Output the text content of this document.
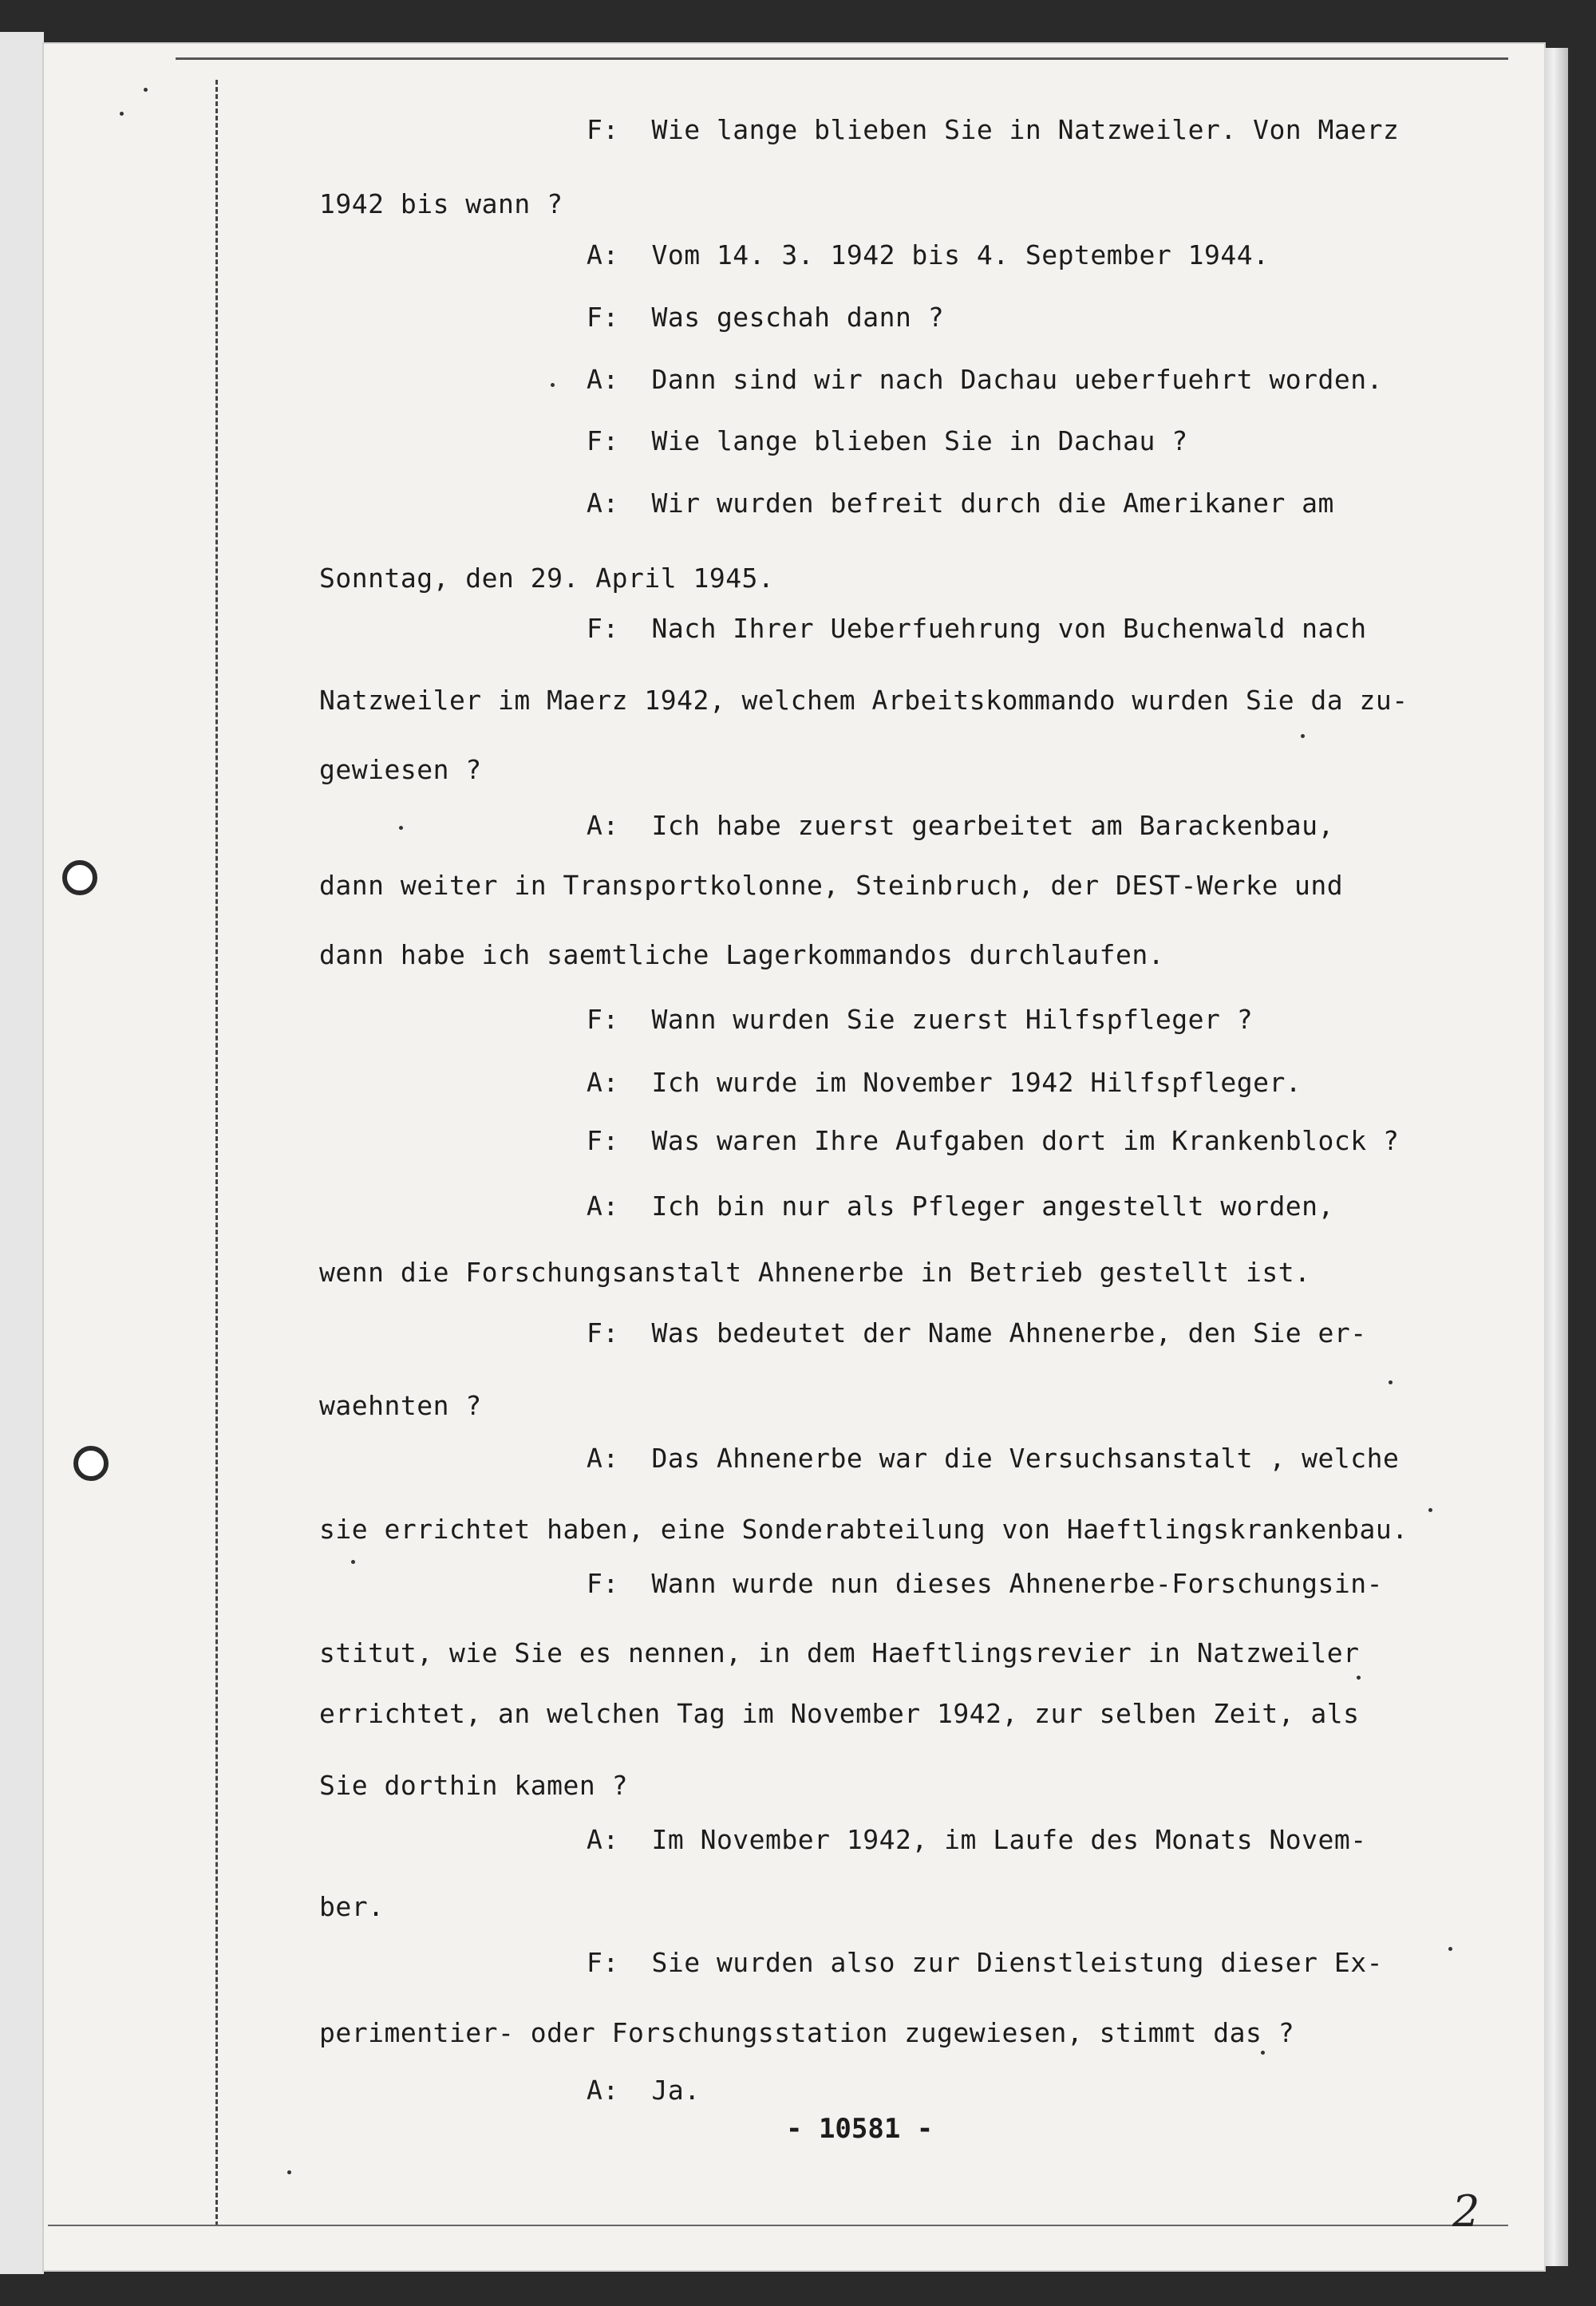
F:  Wie lange blieben Sie in Natzweiler. Von Maerz
1942 bis wann ?
A:  Vom 14. 3. 1942 bis 4. September 1944.
F:  Was geschah dann ?
A:  Dann sind wir nach Dachau ueberfuehrt worden.
F:  Wie lange blieben Sie in Dachau ?
A:  Wir wurden befreit durch die Amerikaner am
Sonntag, den 29. April 1945.
F:  Nach Ihrer Ueberfuehrung von Buchenwald nach
Natzweiler im Maerz 1942, welchem Arbeitskommando wurden Sie da zu-
gewiesen ?
A:  Ich habe zuerst gearbeitet am Barackenbau,
dann weiter in Transportkolonne, Steinbruch, der DEST-Werke und
dann habe ich saemtliche Lagerkommandos durchlaufen.
F:  Wann wurden Sie zuerst Hilfspfleger ?
A:  Ich wurde im November 1942 Hilfspfleger.
F:  Was waren Ihre Aufgaben dort im Krankenblock ?
A:  Ich bin nur als Pfleger angestellt worden,
wenn die Forschungsanstalt Ahnenerbe in Betrieb gestellt ist.
F:  Was bedeutet der Name Ahnenerbe, den Sie er-
waehnten ?
A:  Das Ahnenerbe war die Versuchsanstalt , welche
sie errichtet haben, eine Sonderabteilung von Haeftlingskrankenbau.
F:  Wann wurde nun dieses Ahnenerbe-Forschungsin-
stitut, wie Sie es nennen, in dem Haeftlingsrevier in Natzweiler
errichtet, an welchen Tag im November 1942, zur selben Zeit, als
Sie dorthin kamen ?
A:  Im November 1942, im Laufe des Monats Novem-
ber.
F:  Sie wurden also zur Dienstleistung dieser Ex-
perimentier- oder Forschungsstation zugewiesen, stimmt das ?
A:  Ja.
- 10581 -
2
